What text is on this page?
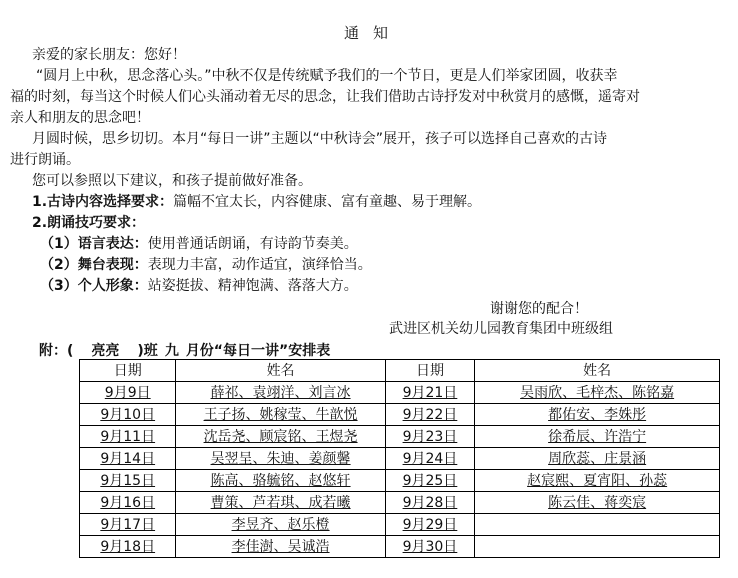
通知
亲爱的家长朋友：您好！
“圆月上中秋，思念落心头。”中秋不仅是传统赋予我们的一个节日，更是人们举家团圆，收获幸
福的时刻，每当这个时候人们心头涌动着无尽的思念，让我们借助古诗抒发对中秋赏月的感慨，遥寄对
亲人和朋友的思念吧！
月圆时候，思乡切切。本月“每日一讲”主题以“中秋诗会”展开，孩子可以选择自己喜欢的古诗
进行朗诵。
您可以参照以下建议，和孩子提前做好准备。
1.古诗内容选择要求：篇幅不宜太长，内容健康、富有童趣、易于理解。
2.朗诵技巧要求：
（1）语言表达：使用普通话朗诵，有诗韵节奏美。
（2）舞台表现：表现力丰富，动作适宜，演绎恰当。
（3）个人形象：站姿挺拔、精神饱满、落落大方。
谢谢您的配合！
武进区机关幼儿园教育集团中班级组
附：( 亮亮 )班 九 月份“每日一讲”安排表
日期	姓名	日期	姓名
9月9日	薛祁、袁翊洋、刘言冰	9月21日	吴雨欣、毛梓杰、陈铭嘉
9月10日	王子扬、姚稼莹、牛歆悦	9月22日	都佑安、李姝彤
9月11日	沈岳尧、顾宸铭、王煜尧	9月23日	徐希辰、许浩宁
9月14日	吴翌呈、朱迪、姜颜馨	9月24日	周欣蕊、庄景涵
9月15日	陈高、骆毓铭、赵悠轩	9月25日	赵宸熙、夏宵阳、孙蕊
9月16日	曹策、芦若琪、成若曦	9月28日	陈云佳、蒋奕宸
9月17日	李昱齐、赵乐橙	9月29日	
9月18日	李佳澍、吴诚浩	9月30日	
